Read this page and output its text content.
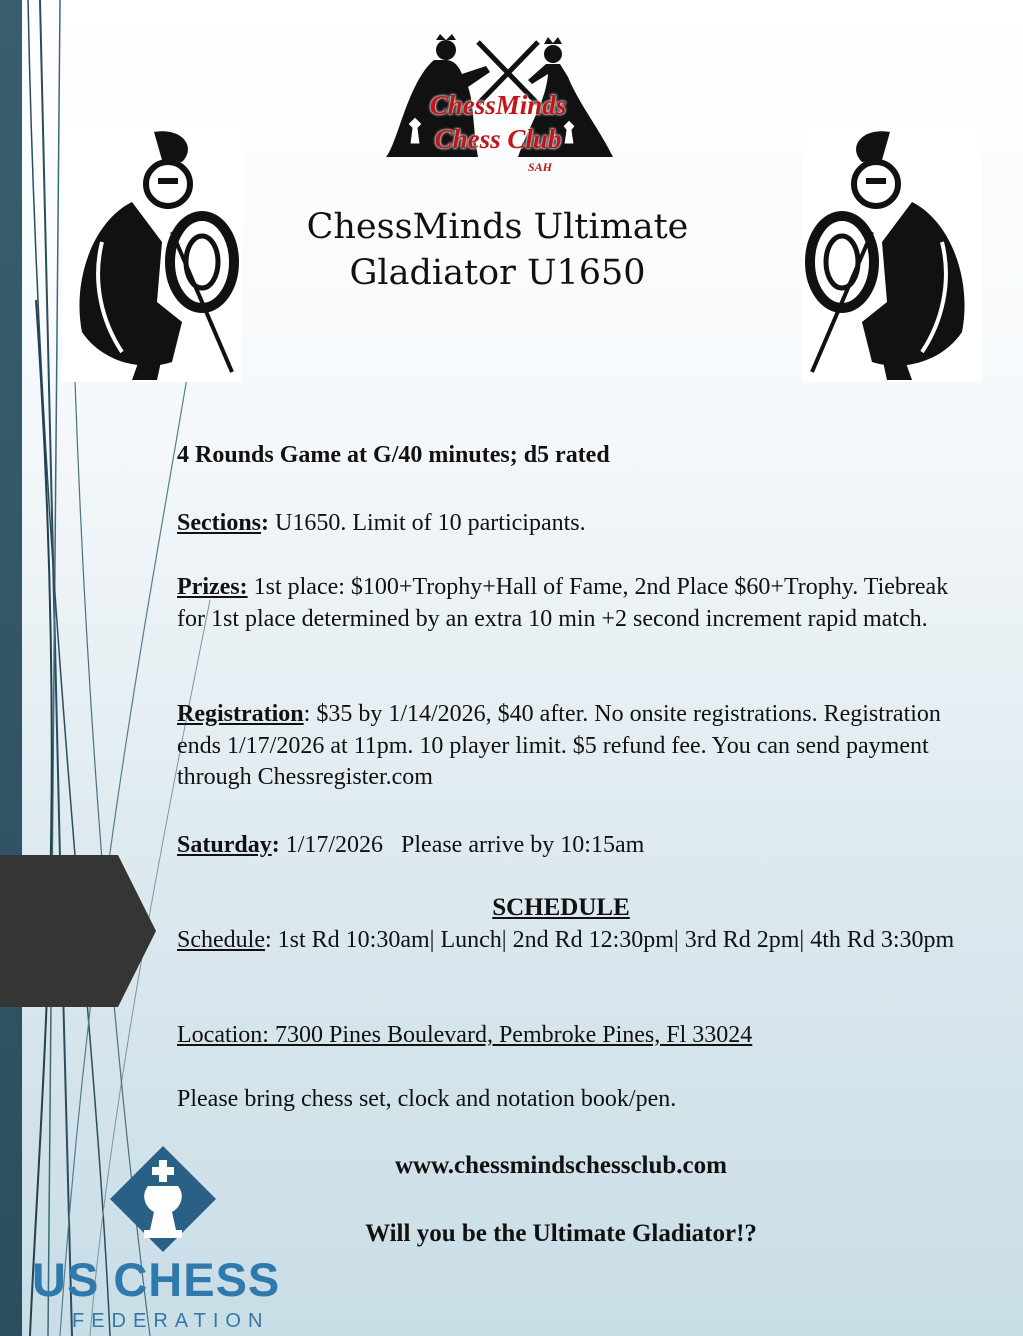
ChessMinds
Chess Club
SAH
ChessMinds Ultimate
Gladiator U1650

4 Rounds Game at G/40 minutes; d5 rated

Sections: U1650. Limit of 10 participants.

Prizes: 1st place: $100+Trophy+Hall of Fame, 2nd Place $60+Trophy. Tiebreak for 1st place determined by an extra 10 min +2 second increment rapid match.

Registration: $35 by 1/14/2026, $40 after. No onsite registrations. Registration ends 1/17/2026 at 11pm. 10 player limit. $5 refund fee. You can send payment through Chessregister.com

Saturday: 1/17/2026   Please arrive by 10:15am

SCHEDULE

Schedule: 1st Rd 10:30am| Lunch| 2nd Rd 12:30pm| 3rd Rd 2pm| 4th Rd 3:30pm

Location: 7300 Pines Boulevard, Pembroke Pines, Fl 33024

Please bring chess set, clock and notation book/pen.

www.chessmindschessclub.com
Will you be the Ultimate Gladiator!?
US CHESS
FEDERATION
